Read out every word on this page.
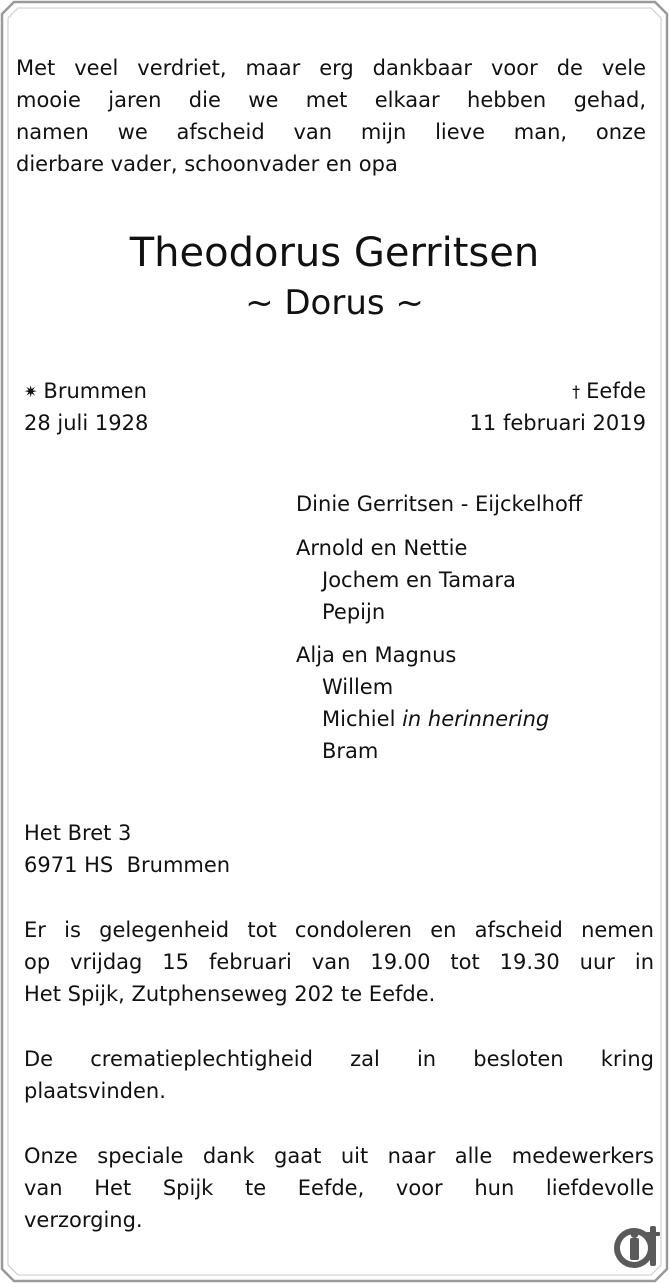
Met veel verdriet, maar erg dankbaar voor de vele
mooie jaren die we met elkaar hebben gehad,
namen we afscheid van mijn lieve man, onze
dierbare vader, schoonvader en opa
Theodorus Gerritsen
~ Dorus ~
✷ Brummen
28 juli 1928
† Eefde
11 februari 2019
Dinie Gerritsen - Eijckelhoff
Arnold en Nettie
Jochem en Tamara
Pepijn
Alja en Magnus
Willem
Michiel in herinnering
Bram
Het Bret 3
6971 HS  Brummen
Er is gelegenheid tot condoleren en afscheid nemen
op vrijdag 15 februari van 19.00 tot 19.30 uur in
Het Spijk, Zutphenseweg 202 te Eefde.
De crematieplechtigheid zal in besloten kring
plaatsvinden.
Onze speciale dank gaat uit naar alle medewerkers
van Het Spijk te Eefde, voor hun liefdevolle
verzorging.
